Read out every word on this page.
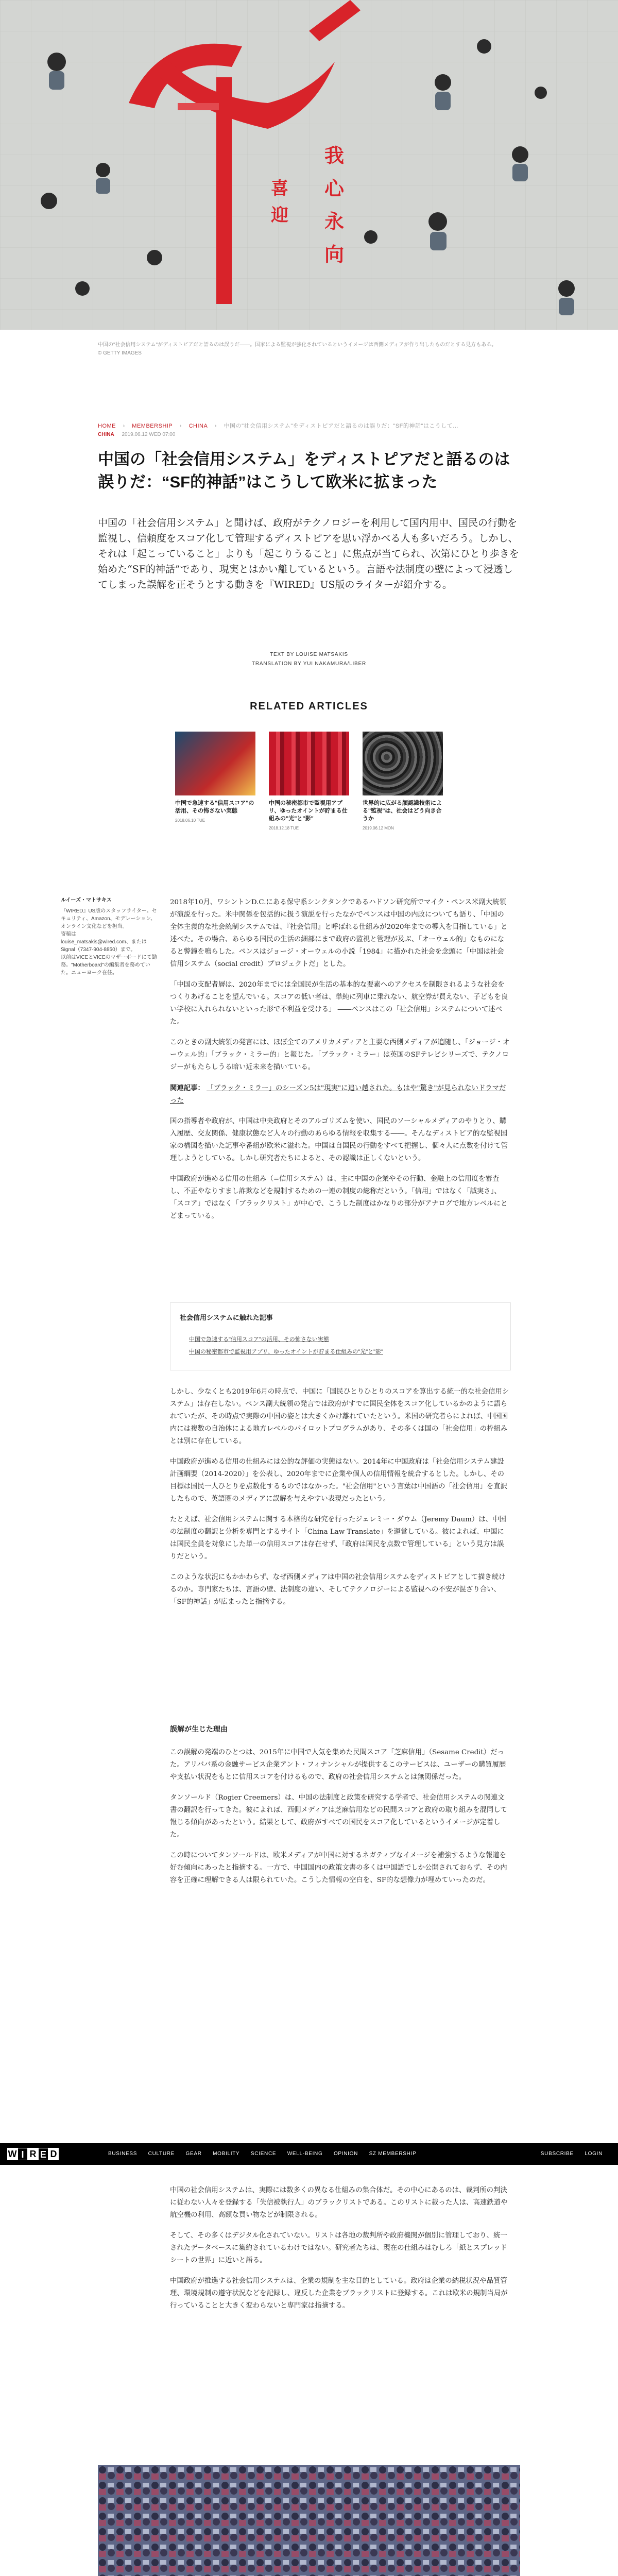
喜
迎
我
心
永
向
中国の"社会信用システム"がディストピアだと語るのは誤りだ——。国家による監視が強化されているというイメージは西側メディアが作り出したものだとする見方もある。
© GETTY IMAGES
HOME › MEMBERSHIP › CHINA › 中国の"社会信用システム"をディストピアだと語るのは誤りだ："SF的神話"はこうして...
CHINA 2019.06.12 WED 07:00
中国の「社会信用システム」をディストピアだと語るのは誤りだ：“SF的神話”はこうして欧米に拡まった
中国の「社会信用システム」と聞けば、政府がテクノロジーを利用して国内用中、国民の行動を監視し、信頼度をスコア化して管理するディストピアを思い浮かべる人も多いだろう。しかし、それは「起こっていること」よりも「起こりうること」に焦点が当てられ、次第にひとり歩きを始めた“SF的神話”であり、現実とはかい離しているという。言語や法制度の壁によって浸透してしまった誤解を正そうとする動きを『WIRED』US版のライターが紹介する。
TEXT BY LOUISE MATSAKIS
TRANSLATION BY YUI NAKAMURA/LIBER
RELATED ARTICLES
中国で急速する"信用スコア"の活用、その怖さない実態
2018.06.10 TUE
中国の秘密都市で監視用アプリ、ゆったオイントが貯まる仕組みの"光"と"影"
2018.12.18 TUE
世界的に広がる顔認識技術による"監視"は、社会はどう向き合うか
2019.06.12 MON
ルイーズ・マトサキス
『WIRED』US版のスタッフライター。セキュリティ、Amazon、モデレーション、オンライン文化などを担当。
寄稿は
louise_matsakis@wired.com、またはSignal（7347-904-8850）まで。
以前はVICEとVICEのマザーボードにて勤務。"Motherboard"の編集者を務めていた。ニューヨーク在住。

2018年10月、ワシントンD.C.にある保守系シンクタンクであるハドソン研究所でマイク・ペンス米副大統領が演説を行った。米中関係を包括的に扱う演説を行ったなかでペンスは中国の内政についても語り、「中国の全体主義的な社会統制システムでは、『社会信用』と呼ばれる仕組みが2020年までの導入を目指している」と述べた。その場合、あらゆる国民の生活の細部にまで政府の監視と管理が及ぶ、「オーウェル的」なものになると警鐘を鳴らした。ペンスはジョージ・オーウェルの小説「1984」に描かれた社会を念頭に「中国は社会信用システム（social credit）プロジェクトだ」とした。

「中国の支配者層は、2020年までには全国民が生活の基本的な要素へのアクセスを制限されるような社会をつくりあげることを望んでいる。スコアの低い者は、単純に列車に乗れない、航空券が買えない、子どもを良い学校に入れられないといった形で不利益を受ける」 ――ペンスはこの「社会信用」システムについて述べた。

このときの副大統領の発言には、ほぼ全てのアメリカメディアと主要な西側メディアが追随し、「ジョージ・オーウェル的」「ブラック・ミラー的」と報じた。「ブラック・ミラー」は英国のSFテレビシリーズで、テクノロジーがもたらしうる暗い近未来を描いている。

関連記事： 「ブラック・ミラー」のシーズン5は"現実"に追い越された。もはや"驚き"が見られないドラマだった

国の指導者や政府が、中国は中央政府とそのアルゴリズムを使い、国民のソーシャルメディアのやりとり、購入履歴、交友関係、健康状態など人々の行動のあらゆる情報を収集する――。そんなディストピア的な監視国家の構図を描いた記事や番組が欧米に溢れた。中国は自国民の行動をすべて把握し、個々人に点数を付けて管理しようとしている。しかし研究者たちによると、その認識は正しくないという。

中国政府が進める信用の仕組み（=信用システム）は、主に中国の企業やその行動、金融上の信用度を審査し、不正やなりすまし詐欺などを規制するための一連の制度の総称だという。「信用」ではなく「誠実さ」、「スコア」ではなく「ブラックリスト」が中心で、こうした制度はかなりの部分がアナログで地方レベルにとどまっている。

社会信用システムに触れた記事
中国で急速する"信用スコア"の活用、その怖さない実態
中国の秘密都市で監視用アプリ、ゆったオイントが貯まる仕組みの"光"と"影"

しかし、少なくとも2019年6月の時点で、中国に「国民ひとりひとりのスコアを算出する統一的な社会信用システム」は存在しない。ペンス副大統領の発言では政府がすでに国民全体をスコア化しているかのように語られていたが、その時点で実際の中国の姿とは大きくかけ離れていたという。米国の研究者らによれば、中国国内には複数の自治体による地方レベルのパイロットプログラムがあり、その多くは国の「社会信用」の枠組みとは別に存在している。

中国政府が進める信用の仕組みには公的な評価の実態はない。2014年に中国政府は「社会信用システム建設計画綱要（2014-2020）」を公表し、2020年までに企業や個人の信用情報を統合するとした。しかし、その目標は国民一人ひとりを点数化するものではなかった。"社会信用"という言葉は中国語の「社会信用」を直訳したもので、英語圏のメディアに誤解を与えやすい表現だったという。

たとえば、社会信用システムに関する本格的な研究を行ったジェレミー・ダウム（Jeremy Daum）は、中国の法制度の翻訳と分析を専門とするサイト「China Law Translate」を運営している。彼によれば、中国には国民全員を対象にした単一の信用スコアは存在せず、「政府は国民を点数で管理している」という見方は誤りだという。

このような状況にもかかわらず、なぜ西側メディアは中国の社会信用システムをディストピアとして描き続けるのか。専門家たちは、言語の壁、法制度の違い、そしてテクノロジーによる監視への不安が混ざり合い、「SF的神話」が広まったと指摘する。

誤解が生じた理由

この誤解の発端のひとつは、2015年に中国で人気を集めた民間スコア「芝麻信用」（Sesame Credit）だった。アリババ系の金融サービス企業アント・フィナンシャルが提供するこのサービスは、ユーザーの購買履歴や支払い状況をもとに信用スコアを付けるもので、政府の社会信用システムとは無関係だった。

タンソールド（Rogier Creemers）は、中国の法制度と政策を研究する学者で、社会信用システムの関連文書の翻訳を行ってきた。彼によれば、西側メディアは芝麻信用などの民間スコアと政府の取り組みを混同して報じる傾向があったという。結果として、政府がすべての国民をスコア化しているというイメージが定着した。

この時についてタンソールドは、欧米メディアが中国に対するネガティブなイメージを補強するような報道を好む傾向にあったと指摘する。一方で、中国国内の政策文書の多くは中国語でしか公開されておらず、その内容を正確に理解できる人は限られていた。こうした情報の空白を、SF的な想像力が埋めていったのだ。

W I R E D	BUSINESS CULTURE GEAR MOBILITY SCIENCE WELL-BEING OPINION SZ MEMBERSHIP	SUBSCRIBE LOGIN

中国の社会信用システムは、実際には数多くの異なる仕組みの集合体だ。その中心にあるのは、裁判所の判決に従わない人々を登録する「失信被執行人」のブラックリストである。このリストに載った人は、高速鉄道や航空機の利用、高額な買い物などが制限される。

そして、その多くはデジタル化されていない。リストは各地の裁判所や政府機関が個別に管理しており、統一されたデータベースに集約されているわけではない。研究者たちは、現在の仕組みはむしろ「紙とスプレッドシートの世界」に近いと語る。

中国政府が推進する社会信用システムは、企業の規制を主な目的としている。政府は企業の納税状況や品質管理、環境規制の遵守状況などを記録し、違反した企業をブラックリストに登録する。これは欧米の規制当局が行っていることと大きく変わらないと専門家は指摘する。
